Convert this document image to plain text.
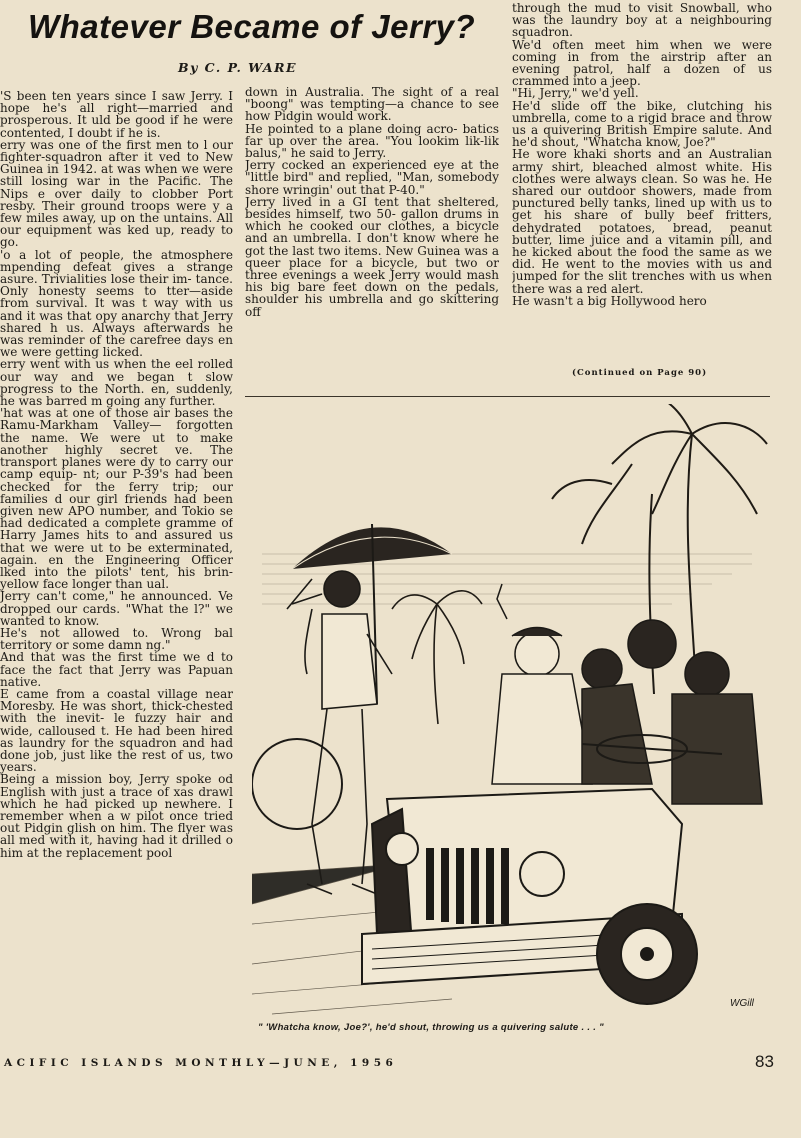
Whatever Became of Jerry?
By C. P. WARE

'S been ten years since I saw Jerry. I hope he's all right—married and prosperous. It uld be good if he were contented, I doubt if he is.

erry was one of the first men to l our fighter-squadron after it ved to New Guinea in 1942. at was when we were still losing war in the Pacific. The Nips e over daily to clobber Port resby. Their ground troops were y a few miles away, up on the untains. All our equipment was ked up, ready to go.

'o a lot of people, the atmosphere mpending defeat gives a strange asure. Trivialities lose their im- tance. Only honesty seems to tter—aside from survival. It was t way with us and it was that opy anarchy that Jerry shared h us. Always afterwards he was reminder of the carefree days en we were getting licked.

erry went with us when the eel rolled our way and we began t slow progress to the North. en, suddenly, he was barred m going any further.

'hat was at one of those air bases the Ramu-Markham Valley— forgotten the name. We were ut to make another highly secret ve. The transport planes were dy to carry our camp equip- nt; our P-39's had been checked for the ferry trip; our families d our girl friends had been given new APO number, and Tokio se had dedicated a complete gramme of Harry James hits to and assured us that we were ut to be exterminated, again. en the Engineering Officer lked into the pilots' tent, his brin-yellow face longer than ual.

Jerry can't come," he announced. Ve dropped our cards. "What the l?" we wanted to know.

He's not allowed to. Wrong bal territory or some damn ng."

And that was the first time we d to face the fact that Jerry was Papuan native.

E came from a coastal village near Moresby. He was short, thick-chested with the inevit- le fuzzy hair and wide, calloused t. He had been hired as laundry for the squadron and had done job, just like the rest of us, two years.

Being a mission boy, Jerry spoke od English with just a trace of xas drawl which he had picked up newhere. I remember when a w pilot once tried out Pidgin glish on him. The flyer was all med with it, having had it drilled o him at the replacement pool

down in Australia. The sight of a real "boong" was tempting—a chance to see how Pidgin would work.

He pointed to a plane doing acro- batics far up over the area. "You lookim lik-lik balus," he said to Jerry.

Jerry cocked an experienced eye at the "little bird" and replied, "Man, somebody shore wringin' out that P-40."

Jerry lived in a GI tent that sheltered, besides himself, two 50- gallon drums in which he cooked our clothes, a bicycle and an umbrella. I don't know where he got the last two items. New Guinea was a queer place for a bicycle, but two or three evenings a week Jerry would mash his big bare feet down on the pedals, shoulder his umbrella and go skittering off

through the mud to visit Snowball, who was the laundry boy at a neighbouring squadron.

We'd often meet him when we were coming in from the airstrip after an evening patrol, half a dozen of us crammed into a jeep.

"Hi, Jerry," we'd yell.

He'd slide off the bike, clutching his umbrella, come to a rigid brace and throw us a quivering British Empire salute. And he'd shout, "Whatcha know, Joe?"

He wore khaki shorts and an Australian army shirt, bleached almost white. His clothes were always clean. So was he. He shared our outdoor showers, made from punctured belly tanks, lined up with us to get his share of bully beef fritters, dehydrated potatoes, bread, peanut butter, lime juice and a vitamin pill, and he kicked about the food the same as we did. He went to the movies with us and jumped for the slit trenches with us when there was a red alert.

He wasn't a big Hollywood hero

(Continued on Page 90)
WGill
" 'Whatcha know, Joe?', he'd shout, throwing us a quivering salute . . . "
ACIFIC ISLANDS MONTHLY—JUNE, 1956	83
